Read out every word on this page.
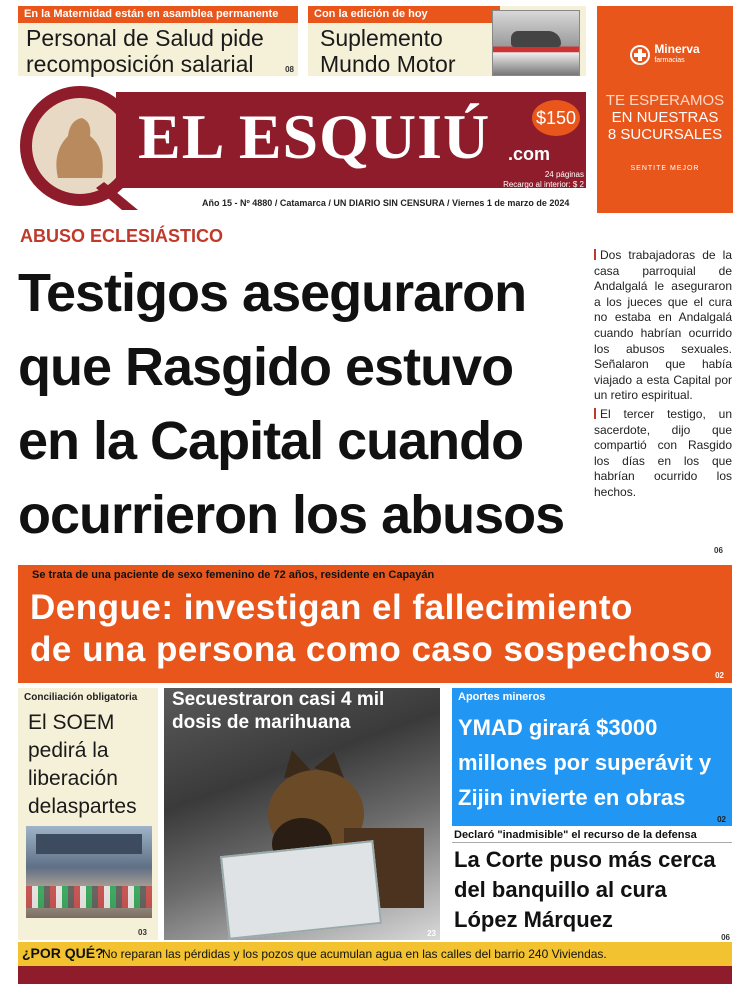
En la Maternidad están en asamblea permanente
Personal de Salud pide
recomposición salarial	08
Con la edición de hoy
Suplemento
Mundo Motor
Minerva
farmacias
TE ESPERAMOS
EN NUESTRAS
8 SUCURSALES
SENTITE MEJOR
EL ESQUIÚ .com
$150
24 páginas
Recargo al interior: $ 2
Año 15 - Nº 4880 / Catamarca / UN DIARIO SIN CENSURA / Viernes 1 de marzo de 2024
ABUSO ECLESIÁSTICO
Testigos aseguraron
que Rasgido estuvo
en la Capital cuando
ocurrieron los abusos

Dos trabajadoras de la casa parroquial de Andalgalá le aseguraron a los jueces que el cura no estaba en Andalgalá cuando habrían ocurrido los abusos sexuales. Señalaron que había viajado a esta Capital por un retiro espiritual.

El tercer testigo, un sacerdote, dijo que compartió con Rasgido los días en los que habrían ocurrido los hechos.

06
Se trata de una paciente de sexo femenino de 72 años, residente en Capayán
Dengue: investigan el fallecimiento
de una persona como caso sospechoso
02
Conciliación obligatoria
El SOEM pedirá la liberación delaspartes
03
Secuestraron casi 4 mil
dosis de marihuana
23
Aportes mineros
YMAD girará $3000 millones por superávit y Zijin invierte en obras
02
Declaró "inadmisible" el recurso de la defensa
La Corte puso más cerca del banquillo al cura López Márquez
06
¿POR QUÉ?
No reparan las pérdidas y los pozos que acumulan agua en las calles del barrio 240 Viviendas.

facebook.com/elesquiu  Twitter: @elesquiu  Instagram: elesquiu  YouTube: youtube.com/elesquiu  WhatsApp: 3834453001
